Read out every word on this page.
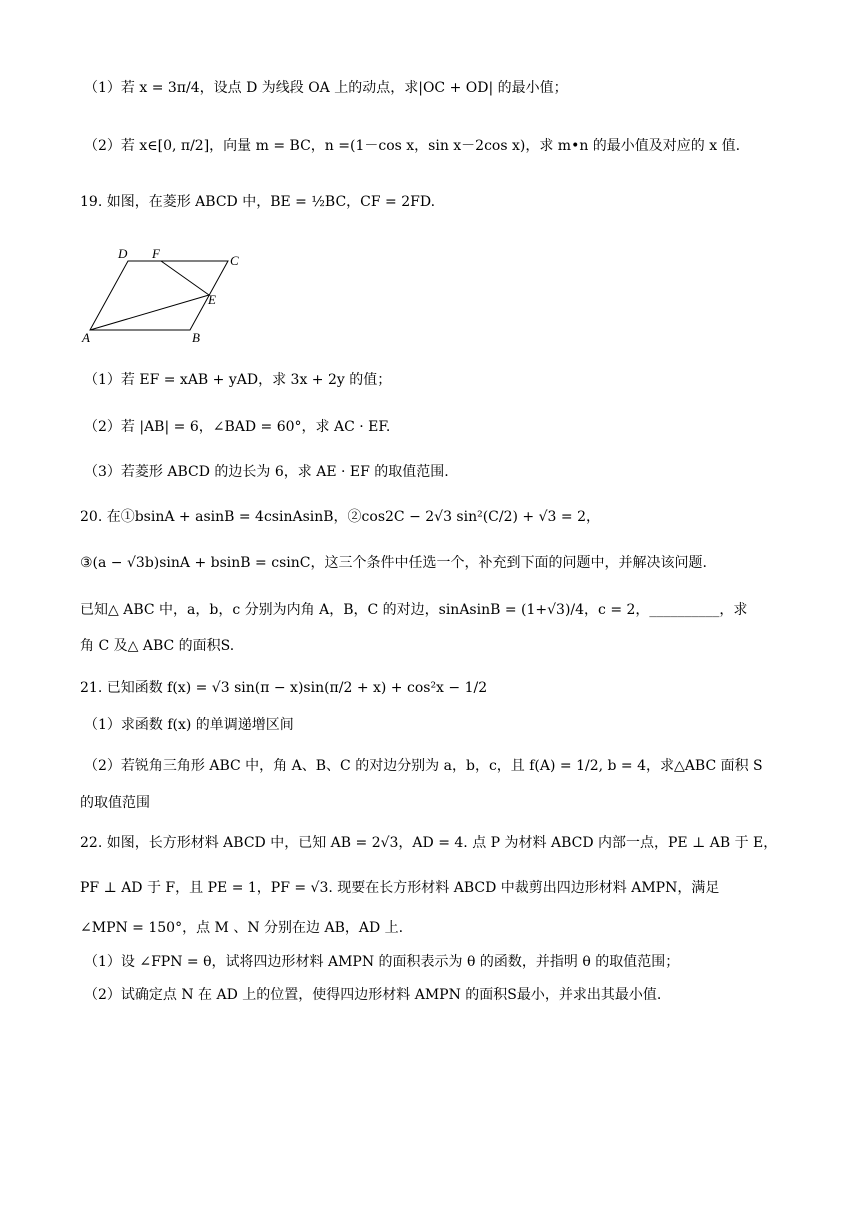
（1）若 x = 3π/4，设点 D 为线段 OA 上的动点，求|OC + OD| 的最小值；
（2）若 x∈[0, π/2]，向量 m = BC，n =(1－cos x，sin x－2cos x)，求 m•n 的最小值及对应的 x 值.
19. 如图，在菱形 ABCD 中，BE = ½BC，CF = 2FD.
A	B
C
D F
E
（1）若 EF = xAB + yAD，求 3x + 2y 的值；
（2）若 |AB| = 6，∠BAD = 60°，求 AC · EF.
（3）若菱形 ABCD 的边长为 6，求 AE · EF 的取值范围.
20. 在①bsinA + asinB = 4csinAsinB，②cos2C − 2√3 sin²(C/2) + √3 = 2，
③(a − √3b)sinA + bsinB = csinC，这三个条件中任选一个，补充到下面的问题中，并解决该问题.
已知△ ABC 中，a，b，c 分别为内角 A，B，C 的对边，sinAsinB = (1+√3)/4，c = 2，__________，求
角 C 及△ ABC 的面积S.
21. 已知函数 f(x) = √3 sin(π − x)sin(π/2 + x) + cos²x − 1/2
（1）求函数 f(x) 的单调递增区间
（2）若锐角三角形 ABC 中，角 A、B、C 的对边分别为 a，b，c，且 f(A) = 1/2, b = 4，求△ABC 面积 S
的取值范围
22. 如图，长方形材料 ABCD 中，已知 AB = 2√3，AD = 4. 点 P 为材料 ABCD 内部一点，PE ⊥ AB 于 E，
PF ⊥ AD 于 F，且 PE = 1，PF = √3. 现要在长方形材料 ABCD 中裁剪出四边形材料 AMPN，满足
∠MPN = 150°，点 M 、N 分别在边 AB，AD 上.
（1）设 ∠FPN = θ，试将四边形材料 AMPN 的面积表示为 θ 的函数，并指明 θ 的取值范围；
（2）试确定点 N 在 AD 上的位置，使得四边形材料 AMPN 的面积S最小，并求出其最小值.
